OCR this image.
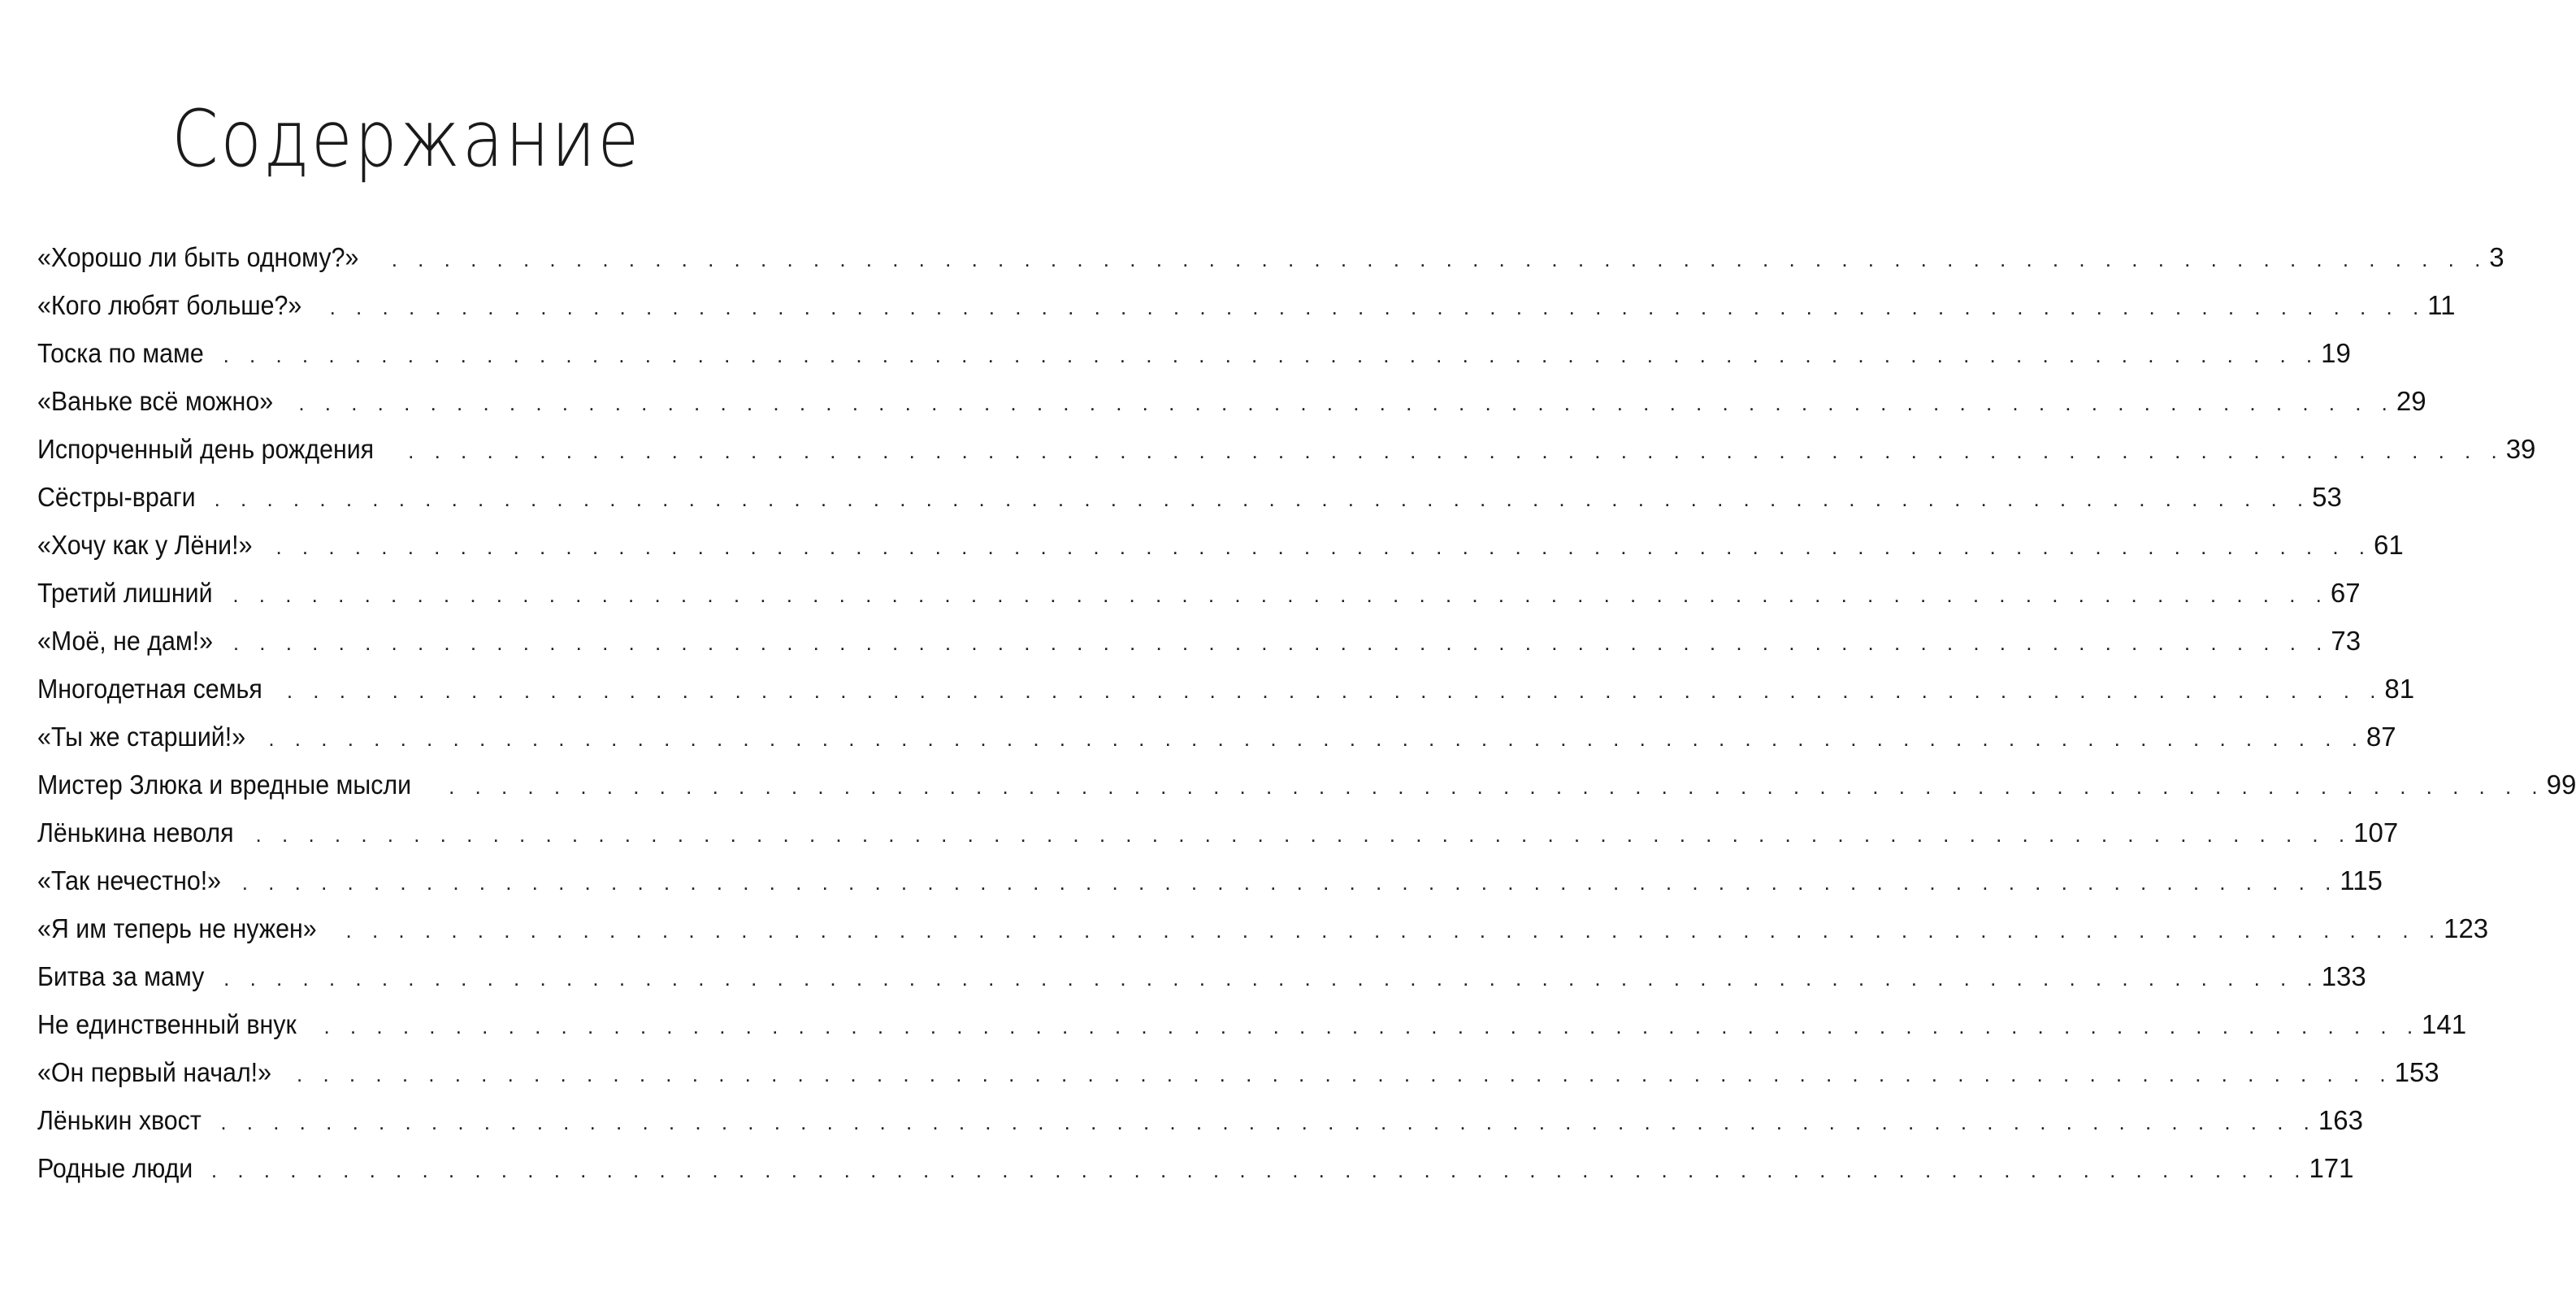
Содержание
«Хорошо ли быть одному?» . . . . . . . . . . . . . . . . . . . . . . . . . . . . . . . . . . . . . . . . . . . . . . . . . . . . . . . . . . . . . . . . . . . . . . . . . . . . . . . . 3
«Кого любят больше?» . . . . . . . . . . . . . . . . . . . . . . . . . . . . . . . . . . . . . . . . . . . . . . . . . . . . . . . . . . . . . . . . . . . . . . . . . . . . . . . . 11
Тоска по маме . . . . . . . . . . . . . . . . . . . . . . . . . . . . . . . . . . . . . . . . . . . . . . . . . . . . . . . . . . . . . . . . . . . . . . . . . . . . . . . . 19
«Ваньке всё можно» . . . . . . . . . . . . . . . . . . . . . . . . . . . . . . . . . . . . . . . . . . . . . . . . . . . . . . . . . . . . . . . . . . . . . . . . . . . . . . . . 29
Испорченный день рождения . . . . . . . . . . . . . . . . . . . . . . . . . . . . . . . . . . . . . . . . . . . . . . . . . . . . . . . . . . . . . . . . . . . . . . . . . . . . . . . . 39
Сёстры-враги . . . . . . . . . . . . . . . . . . . . . . . . . . . . . . . . . . . . . . . . . . . . . . . . . . . . . . . . . . . . . . . . . . . . . . . . . . . . . . . . 53
«Хочу как у Лёни!» . . . . . . . . . . . . . . . . . . . . . . . . . . . . . . . . . . . . . . . . . . . . . . . . . . . . . . . . . . . . . . . . . . . . . . . . . . . . . . . . 61
Третий лишний . . . . . . . . . . . . . . . . . . . . . . . . . . . . . . . . . . . . . . . . . . . . . . . . . . . . . . . . . . . . . . . . . . . . . . . . . . . . . . . . 67
«Моё, не дам!» . . . . . . . . . . . . . . . . . . . . . . . . . . . . . . . . . . . . . . . . . . . . . . . . . . . . . . . . . . . . . . . . . . . . . . . . . . . . . . . . 73
Многодетная семья . . . . . . . . . . . . . . . . . . . . . . . . . . . . . . . . . . . . . . . . . . . . . . . . . . . . . . . . . . . . . . . . . . . . . . . . . . . . . . . . 81
«Ты же старший!» . . . . . . . . . . . . . . . . . . . . . . . . . . . . . . . . . . . . . . . . . . . . . . . . . . . . . . . . . . . . . . . . . . . . . . . . . . . . . . . . 87
Мистер Злюка и вредные мысли . . . . . . . . . . . . . . . . . . . . . . . . . . . . . . . . . . . . . . . . . . . . . . . . . . . . . . . . . . . . . . . . . . . . . . . . . . . . . . . . 99
Лёнькина неволя . . . . . . . . . . . . . . . . . . . . . . . . . . . . . . . . . . . . . . . . . . . . . . . . . . . . . . . . . . . . . . . . . . . . . . . . . . . . . . . . 107
«Так нечестно!» . . . . . . . . . . . . . . . . . . . . . . . . . . . . . . . . . . . . . . . . . . . . . . . . . . . . . . . . . . . . . . . . . . . . . . . . . . . . . . . . 115
«Я им теперь не нужен» . . . . . . . . . . . . . . . . . . . . . . . . . . . . . . . . . . . . . . . . . . . . . . . . . . . . . . . . . . . . . . . . . . . . . . . . . . . . . . . . 123
Битва за маму . . . . . . . . . . . . . . . . . . . . . . . . . . . . . . . . . . . . . . . . . . . . . . . . . . . . . . . . . . . . . . . . . . . . . . . . . . . . . . . . 133
Не единственный внук . . . . . . . . . . . . . . . . . . . . . . . . . . . . . . . . . . . . . . . . . . . . . . . . . . . . . . . . . . . . . . . . . . . . . . . . . . . . . . . . 141
«Он первый начал!» . . . . . . . . . . . . . . . . . . . . . . . . . . . . . . . . . . . . . . . . . . . . . . . . . . . . . . . . . . . . . . . . . . . . . . . . . . . . . . . . 153
Лёнькин хвост . . . . . . . . . . . . . . . . . . . . . . . . . . . . . . . . . . . . . . . . . . . . . . . . . . . . . . . . . . . . . . . . . . . . . . . . . . . . . . . . 163
Родные люди . . . . . . . . . . . . . . . . . . . . . . . . . . . . . . . . . . . . . . . . . . . . . . . . . . . . . . . . . . . . . . . . . . . . . . . . . . . . . . . . 171
